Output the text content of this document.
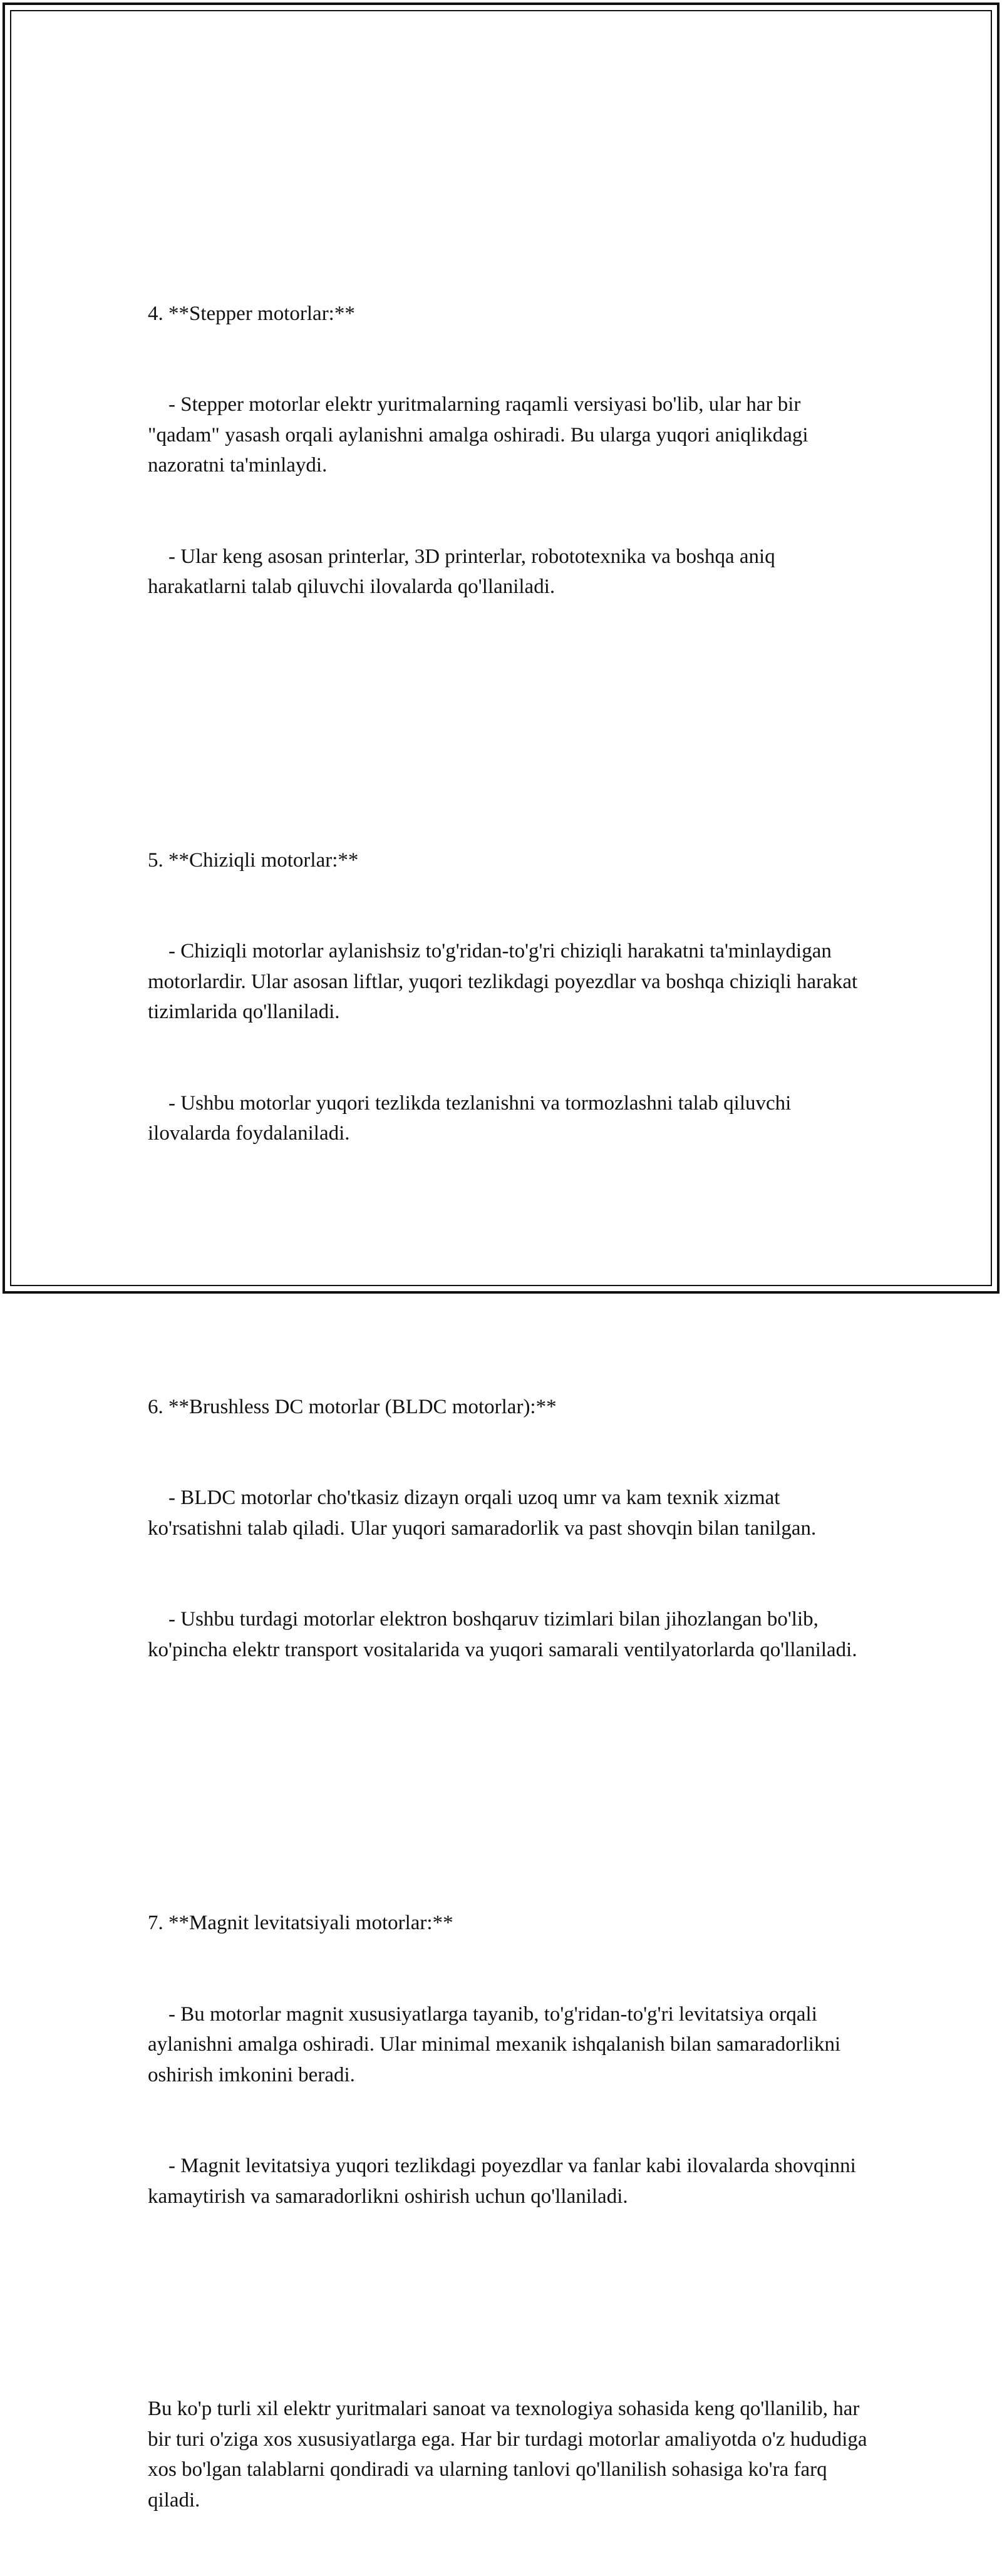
4. **Stepper motorlar:**

- Stepper motorlar elektr yuritmalarning raqamli versiyasi bo'lib, ular har bir "qadam" yasash orqali aylanishni amalga oshiradi. Bu ularga yuqori aniqlikdagi nazoratni ta'minlaydi.

- Ular keng asosan printerlar, 3D printerlar, robototexnika va boshqa aniq harakatlarni talab qiluvchi ilovalarda qo'llaniladi.

5. **Chiziqli motorlar:**

- Chiziqli motorlar aylanishsiz to'g'ridan-to'g'ri chiziqli harakatni ta'minlaydigan motorlardir. Ular asosan liftlar, yuqori tezlikdagi poyezdlar va boshqa chiziqli harakat tizimlarida qo'llaniladi.

- Ushbu motorlar yuqori tezlikda tezlanishni va tormozlashni talab qiluvchi ilovalarda foydalaniladi.

6. **Brushless DC motorlar (BLDC motorlar):**

- BLDC motorlar cho'tkasiz dizayn orqali uzoq umr va kam texnik xizmat ko'rsatishni talab qiladi. Ular yuqori samaradorlik va past shovqin bilan tanilgan.

- Ushbu turdagi motorlar elektron boshqaruv tizimlari bilan jihozlangan bo'lib, ko'pincha elektr transport vositalarida va yuqori samarali ventilyatorlarda qo'llaniladi.

7. **Magnit levitatsiyali motorlar:**

- Bu motorlar magnit xususiyatlarga tayanib, to'g'ridan-to'g'ri levitatsiya orqali aylanishni amalga oshiradi. Ular minimal mexanik ishqalanish bilan samaradorlikni oshirish imkonini beradi.

- Magnit levitatsiya yuqori tezlikdagi poyezdlar va fanlar kabi ilovalarda shovqinni kamaytirish va samaradorlikni oshirish uchun qo'llaniladi.

Bu ko'p turli xil elektr yuritmalari sanoat va texnologiya sohasida keng qo'llanilib, har bir turi o'ziga xos xususiyatlarga ega. Har bir turdagi motorlar amaliyotda o'z hududiga xos bo'lgan talablarni qondiradi va ularning tanlovi qo'llanilish sohasiga ko'ra farq qiladi.
